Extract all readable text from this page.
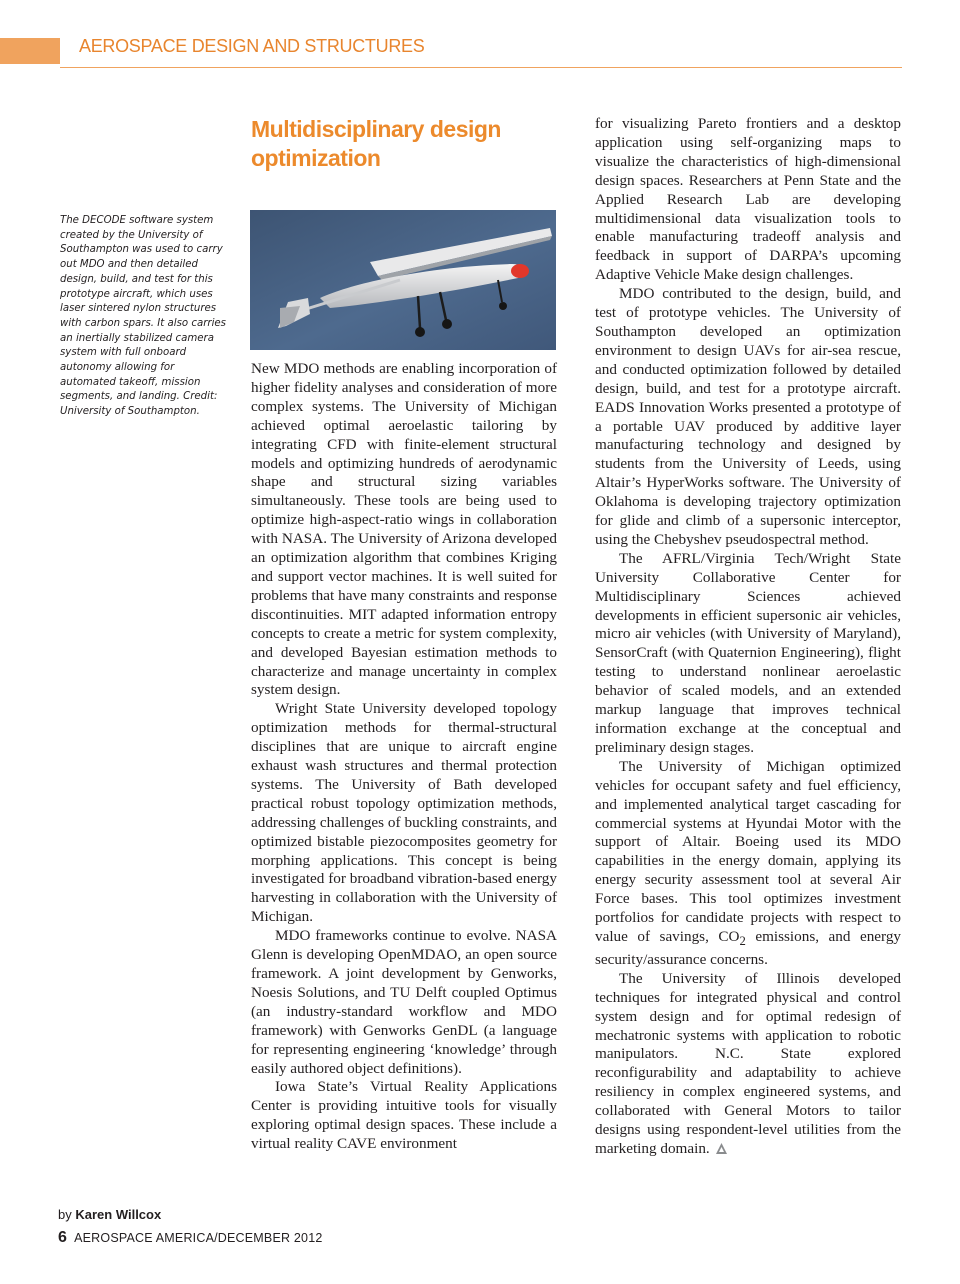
AEROSPACE DESIGN AND STRUCTURES
Multidisciplinary design optimization
The DECODE software system created by the University of Southampton was used to carry out MDO and then detailed design, build, and test for this prototype aircraft, which uses laser sintered nylon structures with carbon spars. It also carries an inertially stabilized camera system with full onboard autonomy allowing for automated takeoff, mission segments, and landing. Credit: University of Southampton.
by Karen Willcox

New MDO methods are enabling incorporation of higher fidelity analyses and consideration of more complex systems. The University of Michigan achieved optimal aeroelastic tailoring by integrating CFD with finite-element structural models and optimizing hundreds of aerodynamic shape and structural sizing variables simultaneously. These tools are being used to optimize high-aspect-ratio wings in collaboration with NASA. The University of Arizona developed an optimization algorithm that combines Kriging and support vector machines. It is well suited for problems that have many constraints and response discontinuities. MIT adapted information entropy concepts to create a metric for system complexity, and developed Bayesian estimation methods to characterize and manage uncertainty in complex system design.

Wright State University developed topology optimization methods for thermal-structural disciplines that are unique to aircraft engine exhaust wash structures and thermal protection systems. The University of Bath developed practical robust topology optimization methods, addressing challenges of buckling constraints, and optimized bistable piezocomposites geometry for morphing applications. This concept is being investigated for broadband vibration-based energy harvesting in collaboration with the University of Michigan.

MDO frameworks continue to evolve. NASA Glenn is developing OpenMDAO, an open source framework. A joint development by Genworks, Noesis Solutions, and TU Delft coupled Optimus (an industry-standard workflow and MDO framework) with Genworks GenDL (a language for representing engineering ‘knowledge’ through easily authored object definitions).

Iowa State’s Virtual Reality Applications Center is providing intuitive tools for visually exploring optimal design spaces. These include a virtual reality CAVE environment

for visualizing Pareto frontiers and a desktop application using self-organizing maps to visualize the characteristics of high-dimensional design spaces. Researchers at Penn State and the Applied Research Lab are developing multidimensional data visualization tools to enable manufacturing tradeoff analysis and feedback in support of DARPA’s upcoming Adaptive Vehicle Make design challenges.

MDO contributed to the design, build, and test of prototype vehicles. The University of Southampton developed an optimization environment to design UAVs for air-sea rescue, and conducted optimization followed by detailed design, build, and test for a prototype aircraft. EADS Innovation Works presented a prototype of a portable UAV produced by additive layer manufacturing technology and designed by students from the University of Leeds, using Altair’s HyperWorks software. The University of Oklahoma is developing trajectory optimization for glide and climb of a supersonic interceptor, using the Chebyshev pseudospectral method.

The AFRL/Virginia Tech/Wright State University Collaborative Center for Multidisciplinary Sciences achieved developments in efficient supersonic air vehicles, micro air vehicles (with University of Maryland), SensorCraft (with Quaternion Engineering), flight testing to understand nonlinear aeroelastic behavior of scaled models, and an extended markup language that improves technical information exchange at the conceptual and preliminary design stages.

The University of Michigan optimized vehicles for occupant safety and fuel efficiency, and implemented analytical target cascading for commercial systems at Hyundai Motor with the support of Altair. Boeing used its MDO capabilities in the energy domain, applying its energy security assessment tool at several Air Force bases. This tool optimizes investment portfolios for candidate projects with respect to value of savings, $CO_2$ emissions, and energy security/assurance concerns.

The University of Illinois developed techniques for integrated physical and control system design and for optimal redesign of mechatronic systems with application to robotic manipulators. N.C. State explored reconfigurability and adaptability to achieve resiliency in complex engineered systems, and collaborated with General Motors to tailor designs using respondent-level utilities from the marketing domain.

6 AEROSPACE AMERICA/DECEMBER 2012
